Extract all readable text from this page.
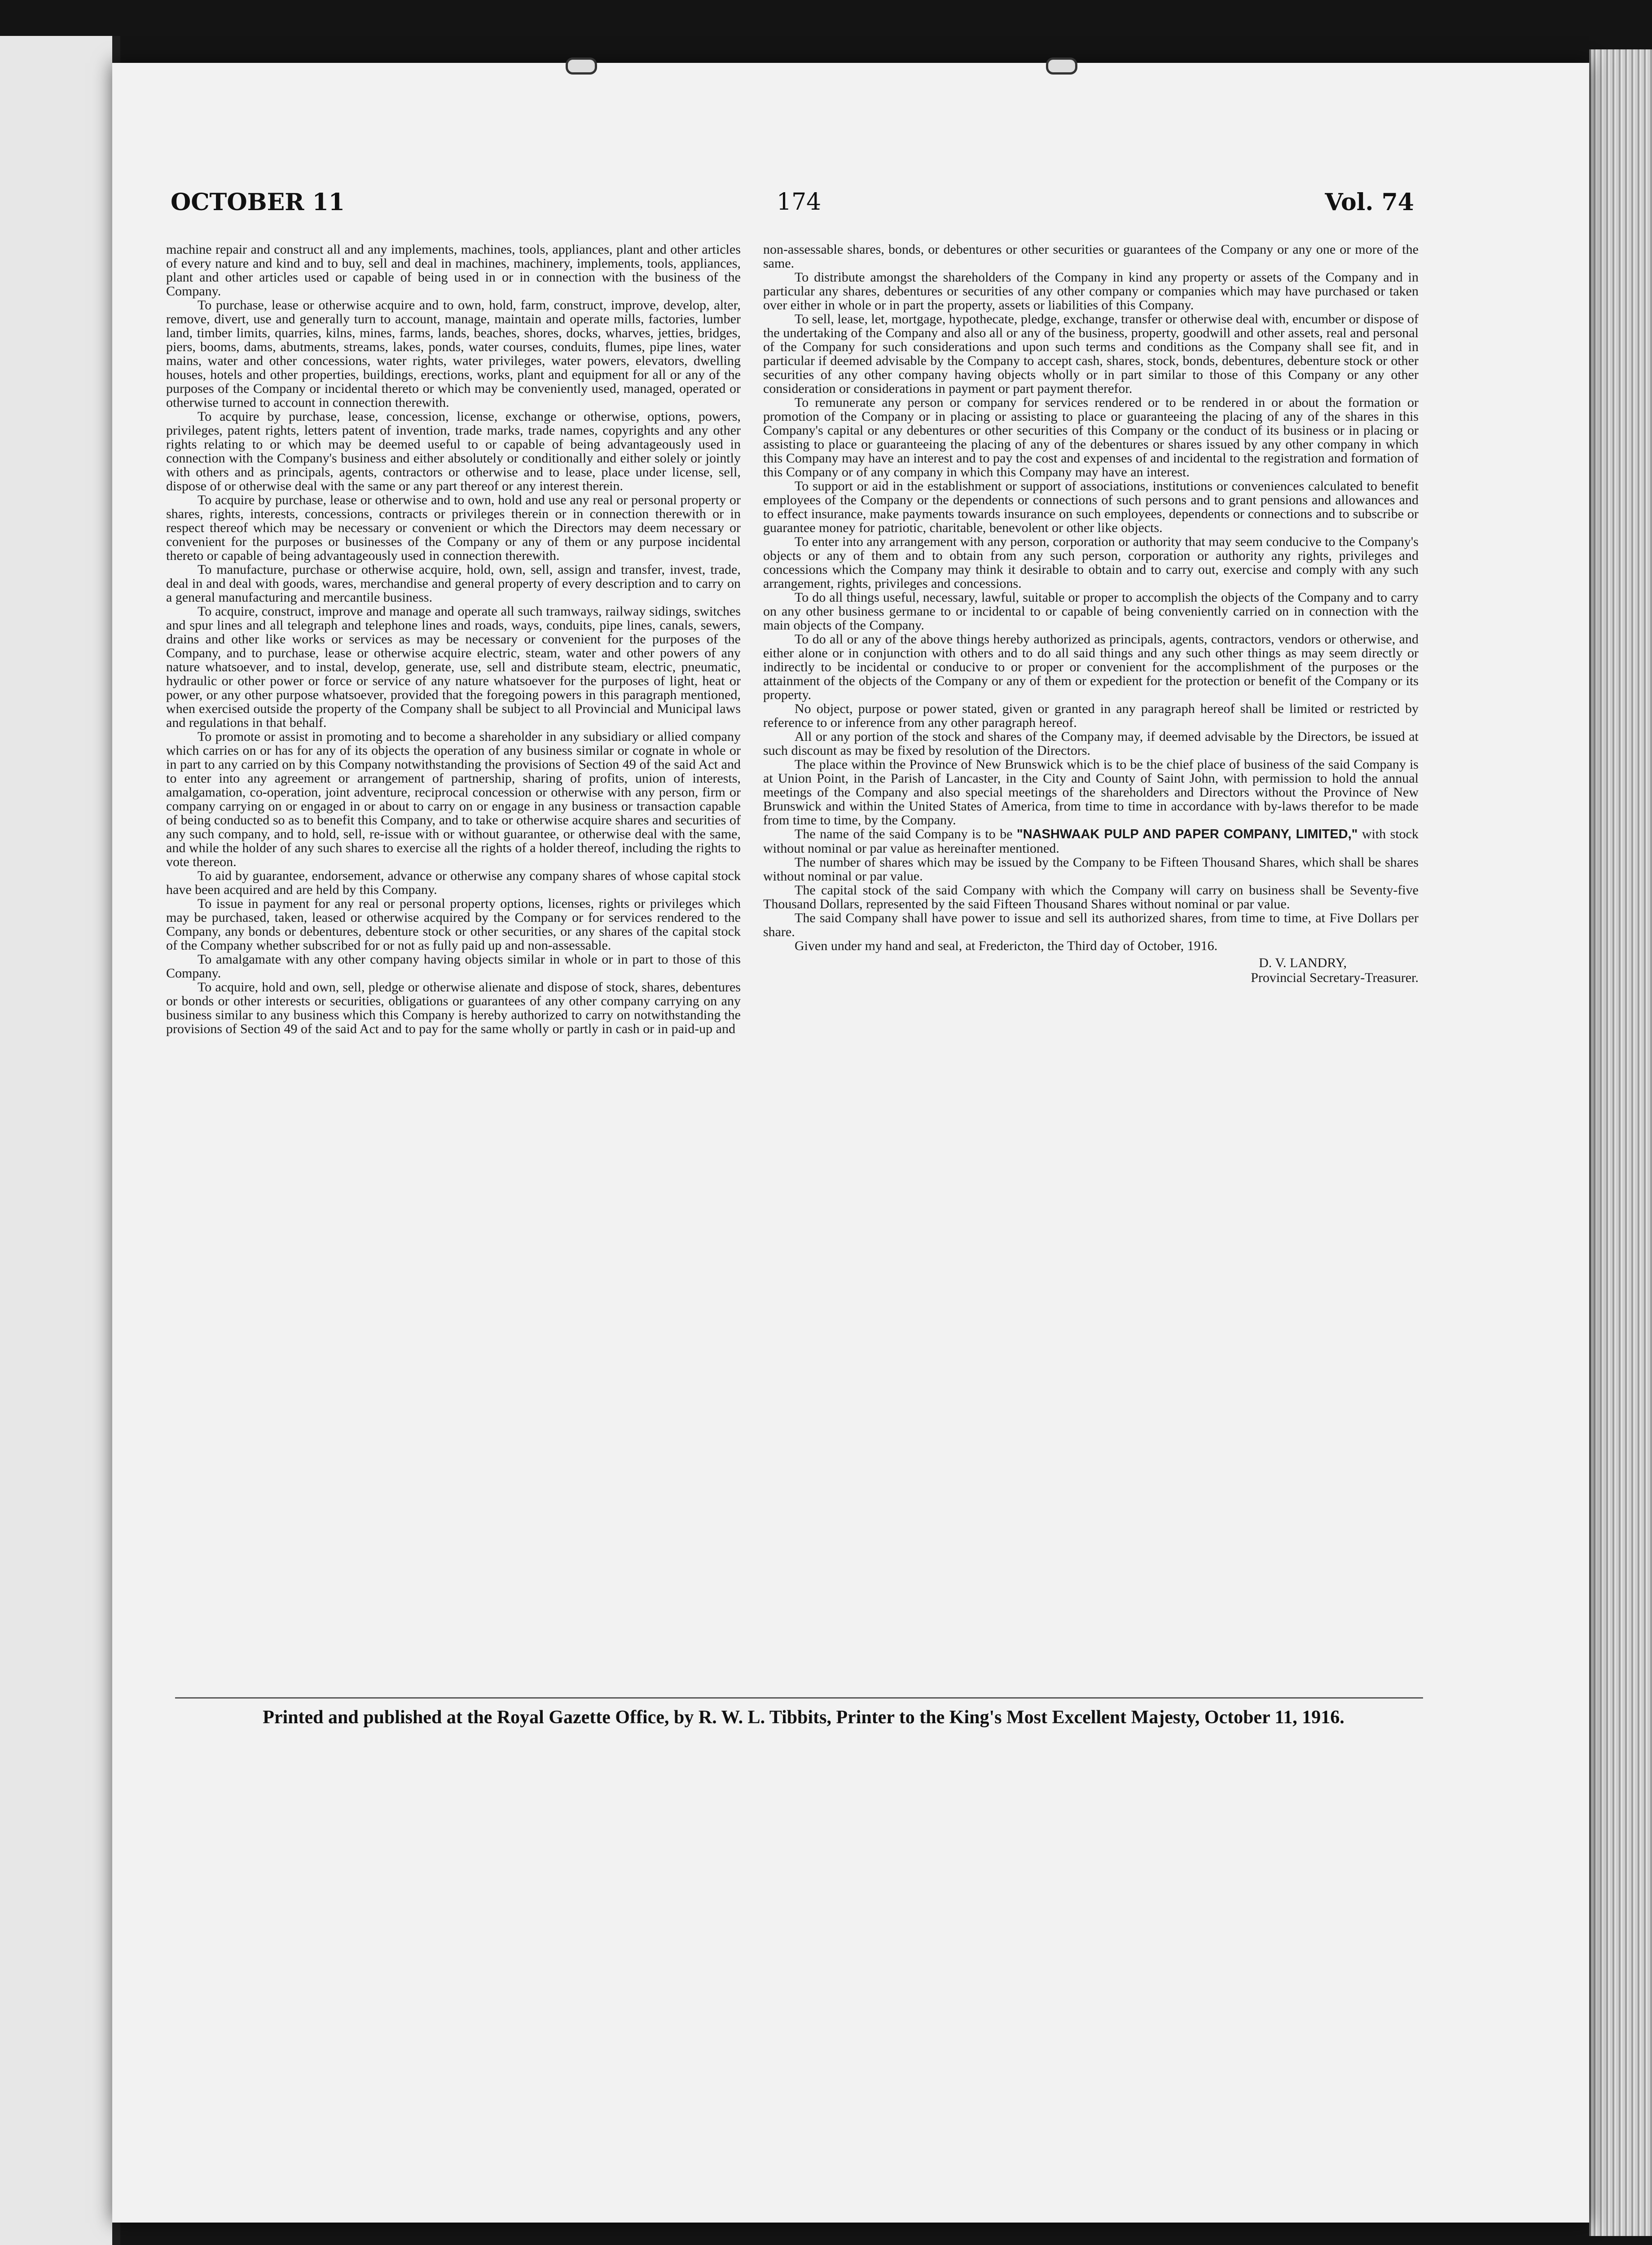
OCTOBER 11	174	Vol. 74

machine repair and construct all and any implements, machines, tools, appliances, plant and other articles of every nature and kind and to buy, sell and deal in machines, machinery, implements, tools, appliances, plant and other articles used or capable of being used in or in connection with the business of the Company.

To purchase, lease or otherwise acquire and to own, hold, farm, construct, improve, develop, alter, remove, divert, use and generally turn to account, manage, maintain and operate mills, factories, lumber land, timber limits, quarries, kilns, mines, farms, lands, beaches, shores, docks, wharves, jetties, bridges, piers, booms, dams, abutments, streams, lakes, ponds, water courses, conduits, flumes, pipe lines, water mains, water and other concessions, water rights, water privileges, water powers, elevators, dwelling houses, hotels and other properties, buildings, erections, works, plant and equipment for all or any of the purposes of the Company or incidental thereto or which may be conveniently used, managed, operated or otherwise turned to account in connection therewith.

To acquire by purchase, lease, concession, license, exchange or otherwise, options, powers, privileges, patent rights, letters patent of invention, trade marks, trade names, copyrights and any other rights relating to or which may be deemed useful to or capable of being advantageously used in connection with the Company's business and either absolutely or conditionally and either solely or jointly with others and as principals, agents, contractors or otherwise and to lease, place under license, sell, dispose of or otherwise deal with the same or any part thereof or any interest therein.

To acquire by purchase, lease or otherwise and to own, hold and use any real or personal property or shares, rights, interests, concessions, contracts or privileges therein or in connection therewith or in respect thereof which may be necessary or convenient or which the Directors may deem necessary or convenient for the purposes or businesses of the Company or any of them or any purpose incidental thereto or capable of being advantageously used in connection therewith.

To manufacture, purchase or otherwise acquire, hold, own, sell, assign and transfer, invest, trade, deal in and deal with goods, wares, merchandise and general property of every description and to carry on a general manufacturing and mercantile business.

To acquire, construct, improve and manage and operate all such tramways, railway sidings, switches and spur lines and all telegraph and telephone lines and roads, ways, conduits, pipe lines, canals, sewers, drains and other like works or services as may be necessary or convenient for the purposes of the Company, and to purchase, lease or otherwise acquire electric, steam, water and other powers of any nature whatsoever, and to instal, develop, generate, use, sell and distribute steam, electric, pneumatic, hydraulic or other power or force or service of any nature whatsoever for the purposes of light, heat or power, or any other purpose whatsoever, provided that the foregoing powers in this paragraph mentioned, when exercised outside the property of the Company shall be subject to all Provincial and Municipal laws and regulations in that behalf.

To promote or assist in promoting and to become a shareholder in any subsidiary or allied company which carries on or has for any of its objects the operation of any business similar or cognate in whole or in part to any carried on by this Company notwithstanding the provisions of Section 49 of the said Act and to enter into any agreement or arrangement of partnership, sharing of profits, union of interests, amalgamation, co-operation, joint adventure, reciprocal concession or otherwise with any person, firm or company carrying on or engaged in or about to carry on or engage in any business or transaction capable of being conducted so as to benefit this Company, and to take or otherwise acquire shares and securities of any such company, and to hold, sell, re-issue with or without guarantee, or otherwise deal with the same, and while the holder of any such shares to exercise all the rights of a holder thereof, including the rights to vote thereon.

To aid by guarantee, endorsement, advance or otherwise any company shares of whose capital stock have been acquired and are held by this Company.

To issue in payment for any real or personal property options, licenses, rights or privileges which may be purchased, taken, leased or otherwise acquired by the Company or for services rendered to the Company, any bonds or debentures, debenture stock or other securities, or any shares of the capital stock of the Company whether subscribed for or not as fully paid up and non-assessable.

To amalgamate with any other company having objects similar in whole or in part to those of this Company.

To acquire, hold and own, sell, pledge or otherwise alienate and dispose of stock, shares, debentures or bonds or other interests or securities, obligations or guarantees of any other company carrying on any business similar to any business which this Company is hereby authorized to carry on notwithstanding the provisions of Section 49 of the said Act and to pay for the same wholly or partly in cash or in paid-up and

non-assessable shares, bonds, or debentures or other securities or guarantees of the Company or any one or more of the same.

To distribute amongst the shareholders of the Company in kind any property or assets of the Company and in particular any shares, debentures or securities of any other company or companies which may have purchased or taken over either in whole or in part the property, assets or liabilities of this Company.

To sell, lease, let, mortgage, hypothecate, pledge, exchange, transfer or otherwise deal with, encumber or dispose of the undertaking of the Company and also all or any of the business, property, goodwill and other assets, real and personal of the Company for such considerations and upon such terms and conditions as the Company shall see fit, and in particular if deemed advisable by the Company to accept cash, shares, stock, bonds, debentures, debenture stock or other securities of any other company having objects wholly or in part similar to those of this Company or any other consideration or considerations in payment or part payment therefor.

To remunerate any person or company for services rendered or to be rendered in or about the formation or promotion of the Company or in placing or assisting to place or guaranteeing the placing of any of the shares in this Company's capital or any debentures or other securities of this Company or the conduct of its business or in placing or assisting to place or guaranteeing the placing of any of the debentures or shares issued by any other company in which this Company may have an interest and to pay the cost and expenses of and incidental to the registration and formation of this Company or of any company in which this Company may have an interest.

To support or aid in the establishment or support of associations, institutions or conveniences calculated to benefit employees of the Company or the dependents or connections of such persons and to grant pensions and allowances and to effect insurance, make payments towards insurance on such employees, dependents or connections and to subscribe or guarantee money for patriotic, charitable, benevolent or other like objects.

To enter into any arrangement with any person, corporation or authority that may seem conducive to the Company's objects or any of them and to obtain from any such person, corporation or authority any rights, privileges and concessions which the Company may think it desirable to obtain and to carry out, exercise and comply with any such arrangement, rights, privileges and concessions.

To do all things useful, necessary, lawful, suitable or proper to accomplish the objects of the Company and to carry on any other business germane to or incidental to or capable of being conveniently carried on in connection with the main objects of the Company.

To do all or any of the above things hereby authorized as principals, agents, contractors, vendors or otherwise, and either alone or in conjunction with others and to do all said things and any such other things as may seem directly or indirectly to be incidental or conducive to or proper or convenient for the accomplishment of the purposes or the attainment of the objects of the Company or any of them or expedient for the protection or benefit of the Company or its property.

No object, purpose or power stated, given or granted in any paragraph hereof shall be limited or restricted by reference to or inference from any other paragraph hereof.

All or any portion of the stock and shares of the Company may, if deemed advisable by the Directors, be issued at such discount as may be fixed by resolution of the Directors.

The place within the Province of New Brunswick which is to be the chief place of business of the said Company is at Union Point, in the Parish of Lancaster, in the City and County of Saint John, with permission to hold the annual meetings of the Company and also special meetings of the shareholders and Directors without the Province of New Brunswick and within the United States of America, from time to time in accordance with by-laws therefor to be made from time to time, by the Company.

The name of the said Company is to be "NASHWAAK PULP AND PAPER COMPANY, LIMITED," with stock without nominal or par value as hereinafter mentioned.

The number of shares which may be issued by the Company to be Fifteen Thousand Shares, which shall be shares without nominal or par value.

The capital stock of the said Company with which the Company will carry on business shall be Seventy-five Thousand Dollars, represented by the said Fifteen Thousand Shares without nominal or par value.

The said Company shall have power to issue and sell its authorized shares, from time to time, at Five Dollars per share.

Given under my hand and seal, at Fredericton, the Third day of October, 1916.

D. V. LANDRY,
Provincial Secretary-Treasurer.
Printed and published at the Royal Gazette Office, by R. W. L. Tibbits, Printer to the King's Most Excellent Majesty, October 11, 1916.
